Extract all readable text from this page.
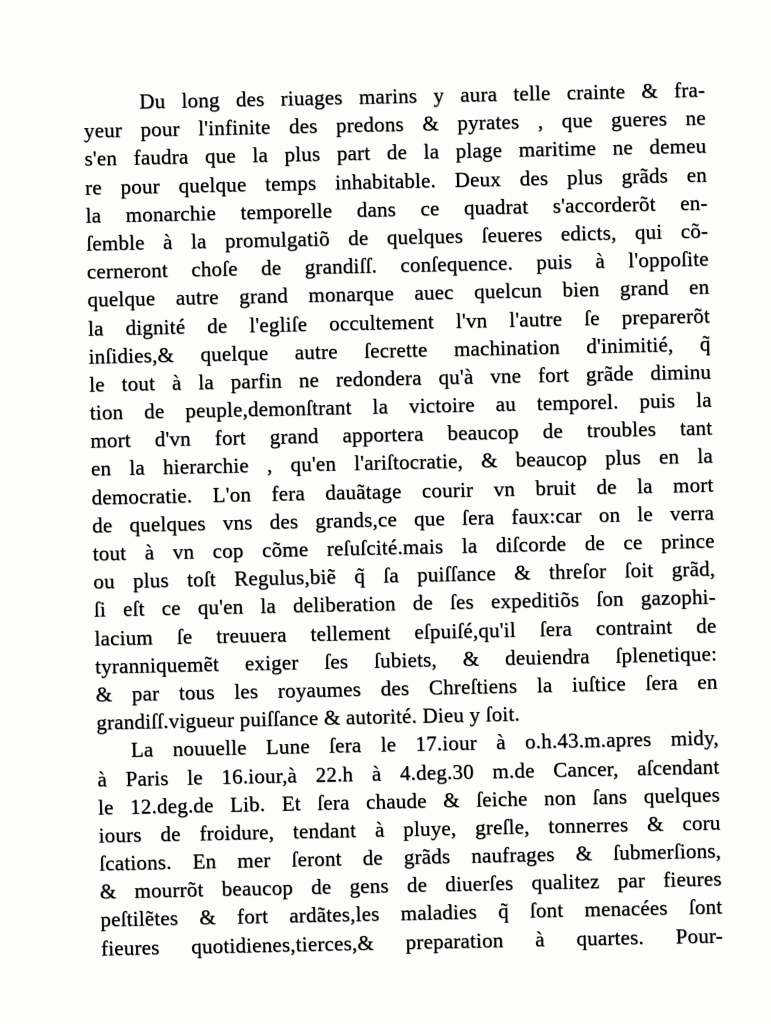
Du long des riuages marins y aura telle crainte & fra-
yeur pour l'infinite des predons & pyrates , que gueres ne
s'en faudra que la plus part de la plage maritime ne demeu
re pour quelque temps inhabitable. Deux des plus grãds en
la monarchie temporelle dans ce quadrat s'accorderõt en-
ſemble à la promulgatiõ de quelques ſeueres edicts, qui cõ-
cerneront choſe de grandiſſ. conſequence. puis à l'oppoſite
quelque autre grand monarque auec quelcun bien grand en
la dignité de l'egliſe occultement l'vn l'autre ſe preparerõt
inſidies,& quelque autre ſecrette machination d'inimitié, q̃
le tout à la parfin ne redondera qu'à vne fort grãde diminu
tion de peuple,demonſtrant la victoire au temporel. puis la
mort d'vn fort grand apportera beaucop de troubles tant
en la hierarchie , qu'en l'ariſtocratie, & beaucop plus en la
democratie. L'on fera dauãtage courir vn bruit de la mort
de quelques vns des grands,ce que ſera faux:car on le verra
tout à vn cop cõme reſuſcité.mais la diſcorde de ce prince
ou plus toſt Regulus,biẽ q̃ ſa puiſſance & threſor ſoit grãd,
ſi eſt ce qu'en la deliberation de ſes expeditiõs ſon gazophi-
lacium ſe treuuera tellement eſpuiſé,qu'il ſera contraint de
tyranniquemẽt exiger ſes ſubiets, & deuiendra ſplenetique:
& par tous les royaumes des Chreſtiens la iuſtice ſera en
grandiſſ.vigueur puiſſance & autorité. Dieu y ſoit.
La nouuelle Lune ſera le 17.iour à o.h.43.m.apres midy,
à Paris le 16.iour,à 22.h à 4.deg.30 m.de Cancer, aſcendant
le 12.deg.de Lib. Et ſera chaude & ſeiche non ſans quelques
iours de froidure, tendant à pluye, greſle, tonnerres & coru
ſcations. En mer ſeront de grãds naufrages & ſubmerſions,
& mourrõt beaucop de gens de diuerſes qualitez par fieures
peſtilẽtes & fort ardãtes,les maladies q̃ ſont menacées ſont
fieures quotidienes,tierces,& preparation à quartes. Pour-
